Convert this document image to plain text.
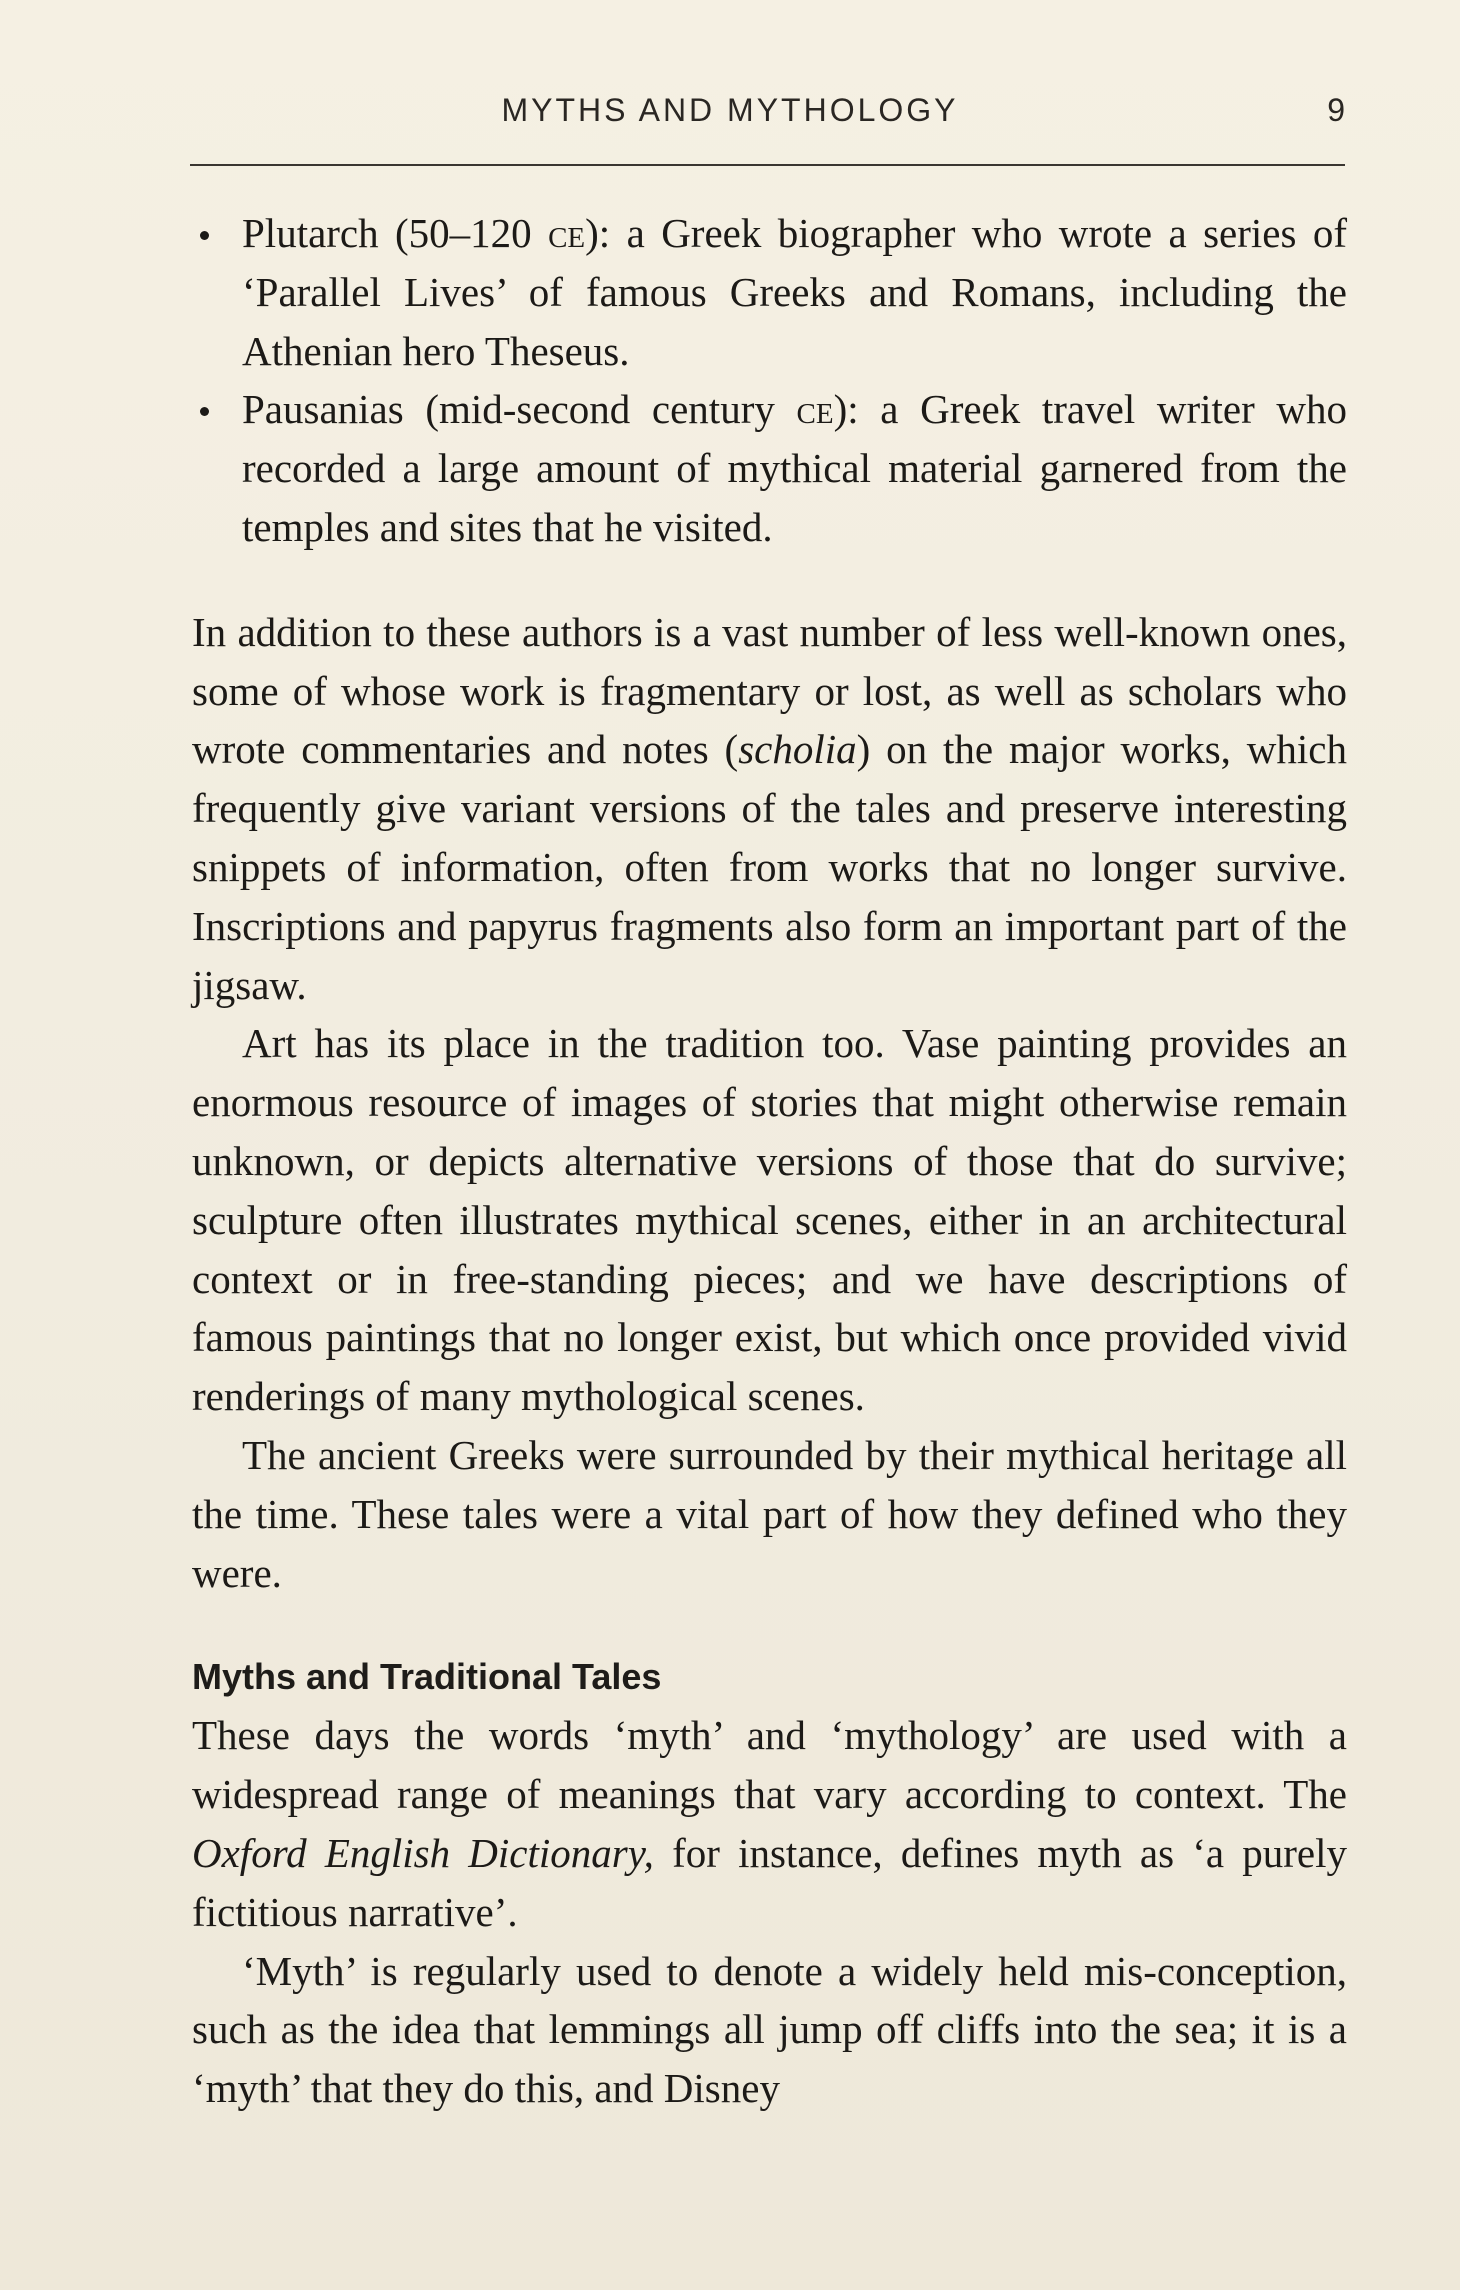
MYTHS AND MYTHOLOGY	9
Plutarch (50–120 ce): a Greek biographer who wrote a series of ‘Parallel Lives’ of famous Greeks and Romans, including the Athenian hero Theseus.
Pausanias (mid-second century ce): a Greek travel writer who recorded a large amount of mythical material garnered from the temples and sites that he visited.

In addition to these authors is a vast number of less well-known ones, some of whose work is fragmentary or lost, as well as scholars who wrote commentaries and notes (scholia) on the major works, which frequently give variant versions of the tales and preserve interesting snippets of information, often from works that no longer survive. Inscriptions and papyrus fragments also form an important part of the jigsaw.

Art has its place in the tradition too. Vase painting provides an enormous resource of images of stories that might otherwise remain unknown, or depicts alternative versions of those that do survive; sculpture often illustrates mythical scenes, either in an architectural context or in free-standing pieces; and we have descriptions of famous paintings that no longer exist, but which once provided vivid renderings of many mythological scenes.

The ancient Greeks were surrounded by their mythical heritage all the time. These tales were a vital part of how they defined who they were.

Myths and Traditional Tales

These days the words ‘myth’ and ‘mythology’ are used with a widespread range of meanings that vary according to context. The Oxford English Dictionary, for instance, defines myth as ‘a purely fictitious narrative’.

‘Myth’ is regularly used to denote a widely held mis-conception, such as the idea that lemmings all jump off cliffs into the sea; it is a ‘myth’ that they do this, and Disney
